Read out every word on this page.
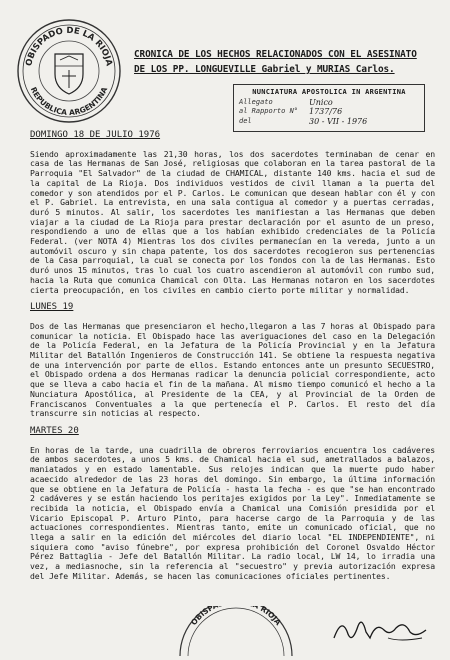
OBISPADO DE LA RIOJA
REPUBLICA ARGENTINA
CRONICA DE LOS HECHOS RELACIONADOS CON EL ASESINATO
DE LOS PP. LONGUEVILLE Gabriel y MURIAS Carlos.
NUNCIATURA APOSTOLICA IN ARGENTINA
Allegato	Unico
al Rapporto N°	1737/76
del	30 - VII - 1976
DOMINGO 18 DE JULIO 1976

Siendo aproximadamente las 21,30 horas, los dos sacerdotes terminaban de cenar en casa de las Hermanas de San José, religiosas que colaboran en la tarea pastoral de la Parroquia "El Salvador" de la ciudad de CHAMICAL, distante 140 kms. hacia el sud de la capital de La Rioja. Dos individuos vestidos de civil llaman a la puerta del comedor y son atendidos por el P. Carlos. Le comunican que desean hablar con él y con el P. Gabriel. La entrevista, en una sala contigua al comedor y a puertas cerradas, duró 5 minutos. Al salir, los sacerdotes les manifiestan a las Hermanas que deben viajar a la ciudad de La Rioja para prestar declaración por el asunto de un preso, respondiendo a uno de ellas que a los habían exhibido credenciales de la Policía Federal. (ver NOTA 4) Mientras los dos civiles permanecían en la vereda, junto a un automóvil oscuro y sin chapa patente, los dos sacerdotes recogieron sus pertenencias de la Casa parroquial, la cual se conecta por los fondos con la de las Hermanas. Esto duró unos 15 minutos, tras lo cual los cuatro ascendieron al automóvil con rumbo sud, hacia la Ruta que comunica Chamical con Olta. Las Hermanas notaron en los sacerdotes cierta preocupación, en los civiles en cambio cierto porte militar y normalidad.

LUNES 19

Dos de las Hermanas que presenciaron el hecho,llegaron a las 7 horas al Obispado para comunicar la noticia. El Obispado hace las averiguaciones del caso en la Delegación de la Policía Federal, en la Jefatura de la Policía Provincial y en la Jefatura Militar del Batallón Ingenieros de Construcción 141. Se obtiene la respuesta negativa de una intervención por parte de ellos. Estando entonces ante un presunto SECUESTRO, el Obispado ordena a dos Hermanas radicar la denuncia policial correspondiente, acto que se lleva a cabo hacia el fin de la mañana. Al mismo tiempo comunicó el hecho a la Nunciatura Apostólica, al Presidente de la CEA, y al Provincial de la Orden de Franciscanos Conventuales a la que pertenecía el P. Carlos. El resto del día transcurre sin noticias al respecto.

MARTES 20

En horas de la tarde, una cuadrilla de obreros ferroviarios encuentra los cadáveres de ambos sacerdotes, a unos 5 kms. de Chamical hacia el sud, ametrallados a balazos, maniatados y en estado lamentable. Sus relojes indican que la muerte pudo haber acaecido alrededor de las 23 horas del domingo. Sin embargo, la última información que se obtiene en la Jefatura de Policía - hasta la fecha - es que "se han encontrado 2 cadáveres y se están haciendo los peritajes exigidos por la Ley". Inmediatamente se recibida la noticia, el Obispado envía a Chamical una Comisión presidida por el Vicario Episcopal P. Arturo Pinto, para hacerse cargo de la Parroquia y de las actuaciones correspondientes. Mientras tanto, emite un comunicado oficial, que no llega a salir en la edición del miércoles del diario local "EL INDEPENDIENTE", ni siquiera como "aviso fúnebre", por expresa prohibición del Coronel Osvaldo Héctor Pérez Battaglia - Jefe del Batallón Militar. La radio local, LW 14, lo irradia una vez, a mediasnoche, sin la referencia al "secuestro" y previa autorización expresa del Jefe Militar. Además, se hacen las comunicaciones oficiales pertinentes.

OBISP RIOJA
